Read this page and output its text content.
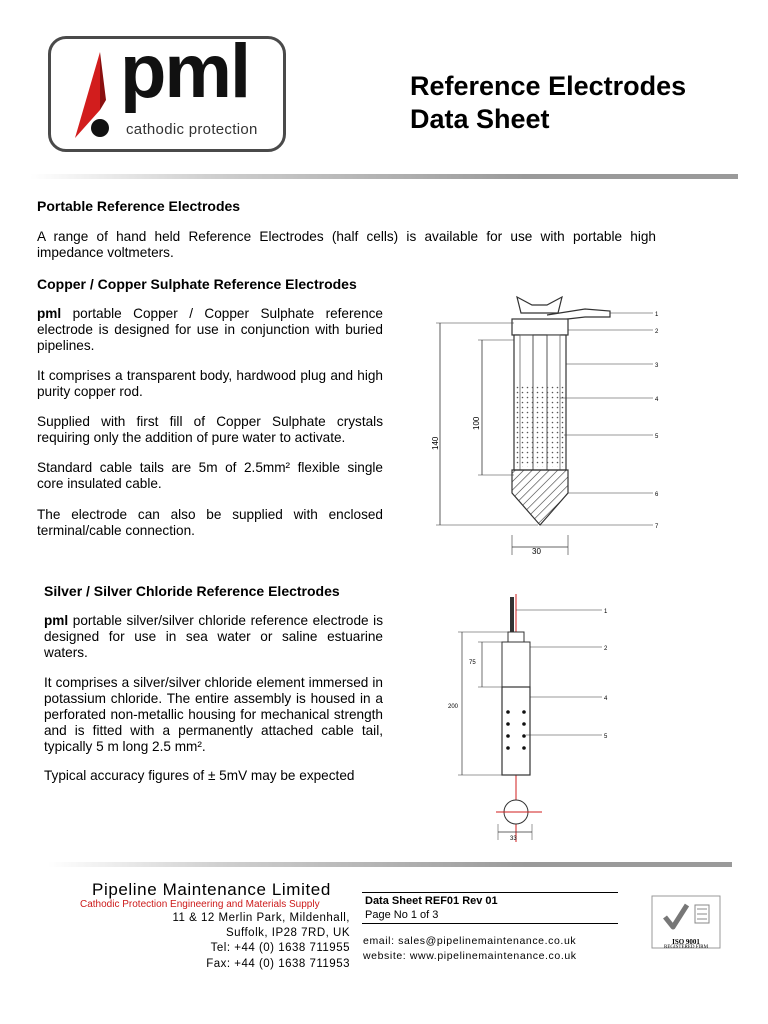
pml
cathodic protection
Reference Electrodes
Data Sheet
Portable Reference Electrodes

A range of hand held Reference Electrodes (half cells) is available for use with portable high impedance voltmeters.

Copper / Copper Sulphate Reference Electrodes

pml portable Copper / Copper Sulphate reference electrode is designed for use in conjunction with buried pipelines.

It comprises a transparent body, hardwood plug and high purity copper rod.

Supplied with first fill of Copper Sulphate crystals requiring only the addition of pure water to activate.

Standard cable tails are 5m of 2.5mm² flexible single core insulated cable.

The electrode can also be supplied with enclosed terminal/cable connection.

140
100
30
1
2
3
4
5
6
7
Silver / Silver Chloride Reference Electrodes

pml portable silver/silver chloride reference electrode is designed for use in sea water or saline estuarine waters.

It comprises a silver/silver chloride element immersed in potassium chloride. The entire assembly is housed in a perforated non-metallic housing for mechanical strength and is fitted with a permanently attached cable tail, typically 5 m long 2.5 mm².

Typical accuracy figures of ± 5mV may be expected

200
75
33
1
2
4
5
Pipeline Maintenance Limited
Cathodic Protection Engineering and Materials Supply
11 & 12 Merlin Park, Mildenhall,
Suffolk, IP28 7RD, UK
Tel: +44 (0) 1638 711955
Fax: +44 (0) 1638 711953
Data Sheet REF01 Rev 01
Page No 1 of 3
email: sales@pipelinemaintenance.co.uk
website: www.pipelinemaintenance.co.uk
ISO 9001
REGISTERED FIRM
